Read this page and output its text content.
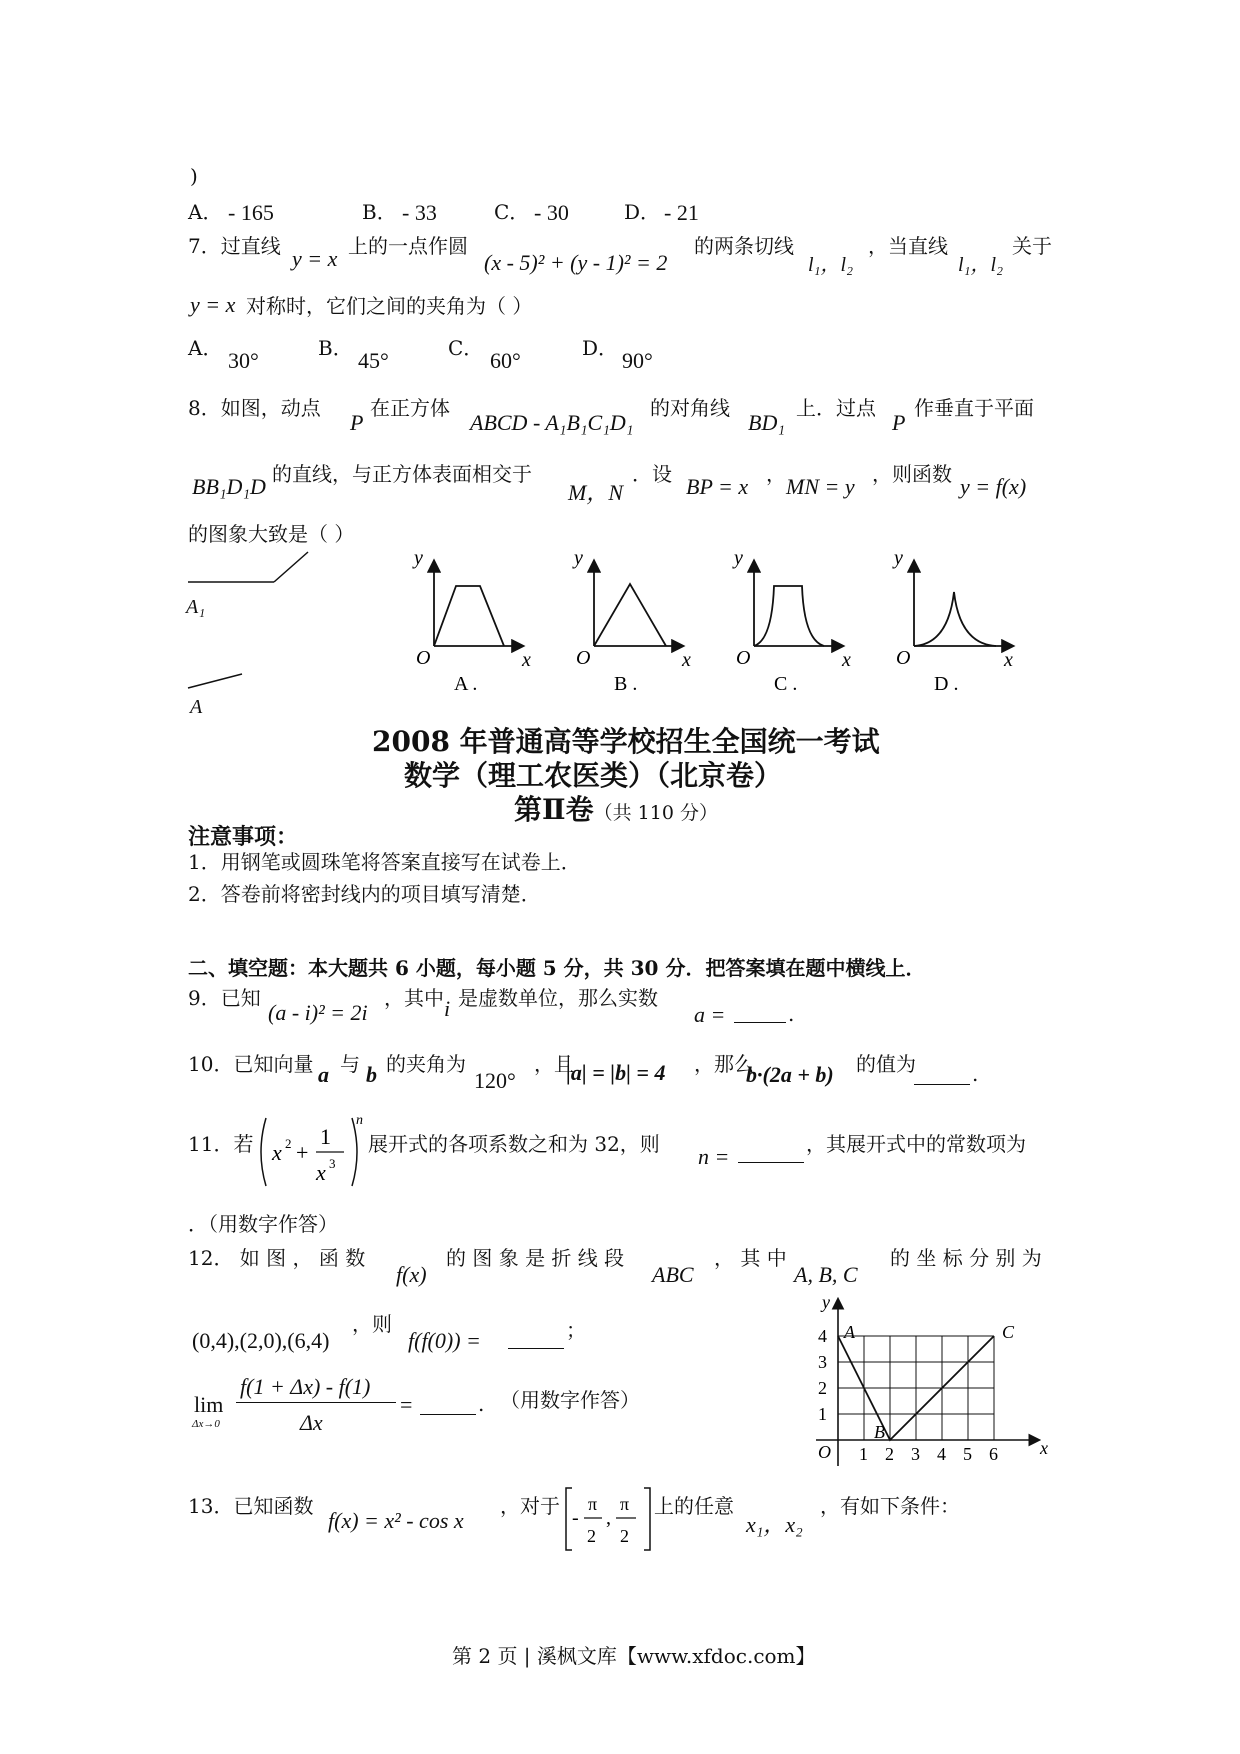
)
A． - 165	B． - 33	C． - 30	D． - 21
7．过直线 y = x 上的一点作圆
(x - 5)² + (y - 1)² = 2
的两条切线
l₁，l₂
，当直线
l₁，l₂
关于
y = x 对称时，它们之间的夹角为（ ）
A． 30°	B． 45°	C． 60°	D． 90°
8．如图，动点
P
在正方体
ABCD - A₁B₁C₁D₁
的对角线
BD₁
上．过点
P
作垂直于平面
BB₁D₁D 的直线，与正方体表面相交于
M，N
．设 BP = x ， MN = y ，则函数 y = f(x)
的图象大致是（ ）
A₁
A
y
O	x
A .
y
O	x
B .
y
O	x
C .
y
O	x
D .
2008 年普通高等学校招生全国统一考试
数学（理工农医类）（北京卷）
第Ⅱ卷（共 110 分）
注意事项：
1．用钢笔或圆珠笔将答案直接写在试卷上．
2．答卷前将密封线内的项目填写清楚．
二、填空题：本大题共 6 小题，每小题 5 分，共 30 分．把答案填在题中横线上．
9．已知
(a - i)² = 2i
，其中 i 是虚数单位，那么实数
a =	.
10．已知向量 a 与 b 的夹角为
120°
，且
|a| = |b| = 4 ，那么
b·(2a + b) 的值为	.
11．若 x 2 +
1
x 3
n
展开式的各项系数之和为 32，则 n =	，其展开式中的常数项为
．（用数字作答）
12． 如 图 ， 函 数
f(x)
的 图 象 是 折 线 段
ABC
， 其 中
A, B, C
的 坐 标 分 别 为
(0,4),(2,0),(6,4)
，则
f(f(0)) =	；
lim
Δx→0
f(1 + Δx) - f(1)
Δx
=	. （用数字作答）
y
x
O
4
3
2
1
1 2 3 4 5 6
A
B
C
13．已知函数
f(x) = x² - cos x
，对于 -
π
2
,
π
2
上的任意
x₁，x₂
，有如下条件：
第 2 页 | 溪枫文库【www.xfdoc.com】
